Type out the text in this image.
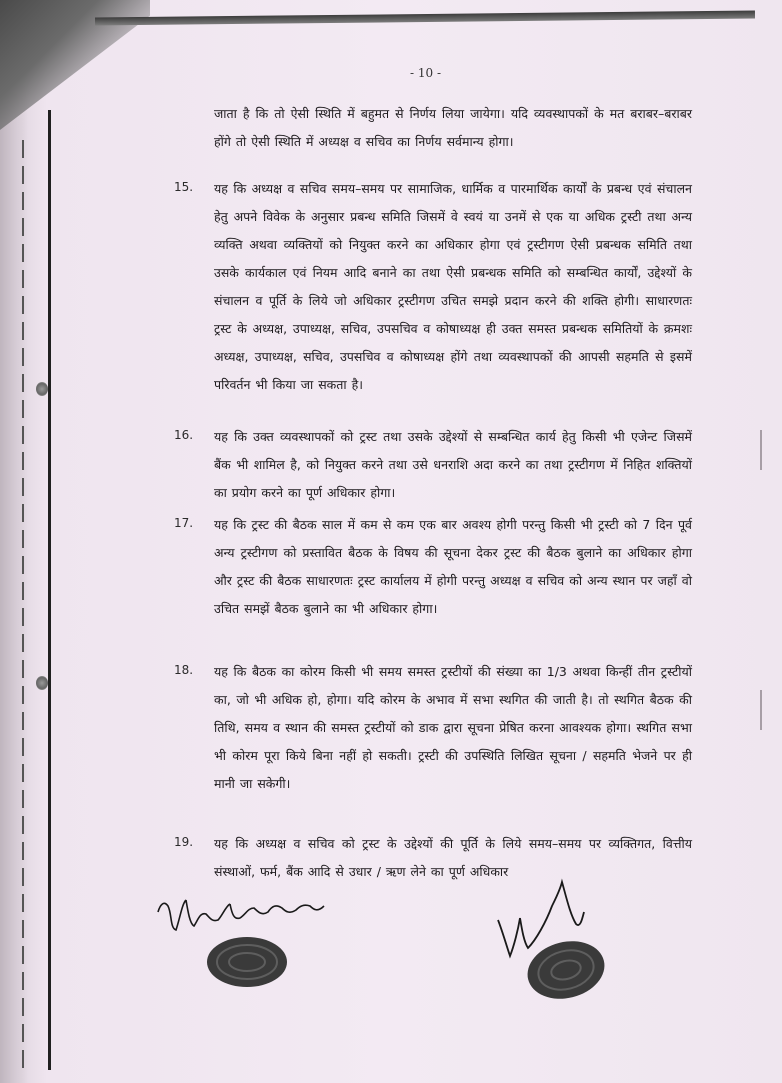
- 10 -
जाता है कि तो ऐसी स्थिति में बहुमत से निर्णय लिया जायेगा। यदि व्यवस्थापकों के मत बराबर–बराबर होंगे तो ऐसी स्थिति में अध्यक्ष व सचिव का निर्णय सर्वमान्य होगा।
15. यह कि अध्यक्ष व सचिव समय–समय पर सामाजिक, धार्मिक व पारमार्थिक कार्यों के प्रबन्ध एवं संचालन हेतु अपने विवेक के अनुसार प्रबन्ध समिति जिसमें वे स्वयं या उनमें से एक या अधिक ट्रस्टी तथा अन्य व्यक्ति अथवा व्यक्तियों को नियुक्त करने का अधिकार होगा एवं ट्रस्टीगण ऐसी प्रबन्धक समिति तथा उसके कार्यकाल एवं नियम आदि बनाने का तथा ऐसी प्रबन्धक समिति को सम्बन्धित कार्यों, उद्देश्यों के संचालन व पूर्ति के लिये जो अधिकार ट्रस्टीगण उचित समझे प्रदान करने की शक्ति होगी। साधारणतः ट्रस्ट के अध्यक्ष, उपाध्यक्ष, सचिव, उपसचिव व कोषाध्यक्ष ही उक्त समस्त प्रबन्धक समितियों के क्रमशः अध्यक्ष, उपाध्यक्ष, सचिव, उपसचिव व कोषाध्यक्ष होंगे तथा व्यवस्थापकों की आपसी सहमति से इसमें परिवर्तन भी किया जा सकता है।
16. यह कि उक्त व्यवस्थापकों को ट्रस्ट तथा उसके उद्देश्यों से सम्बन्धित कार्य हेतु किसी भी एजेन्ट जिसमें बैंक भी शामिल है, को नियुक्त करने तथा उसे धनराशि अदा करने का तथा ट्रस्टीगण में निहित शक्तियों का प्रयोग करने का पूर्ण अधिकार होगा।
17. यह कि ट्रस्ट की बैठक साल में कम से कम एक बार अवश्य होगी परन्तु किसी भी ट्रस्टी को 7 दिन पूर्व अन्य ट्रस्टीगण को प्रस्तावित बैठक के विषय की सूचना देकर ट्रस्ट की बैठक बुलाने का अधिकार होगा और ट्रस्ट की बैठक साधारणतः ट्रस्ट कार्यालय में होगी परन्तु अध्यक्ष व सचिव को अन्य स्थान पर जहाँ वो उचित समझें बैठक बुलाने का भी अधिकार होगा।
18. यह कि बैठक का कोरम किसी भी समय समस्त ट्रस्टीयों की संख्या का 1/3 अथवा किन्हीं तीन ट्रस्टीयों का, जो भी अधिक हो, होगा। यदि कोरम के अभाव में सभा स्थगित की जाती है। तो स्थगित बैठक की तिथि, समय व स्थान की समस्त ट्रस्टीयों को डाक द्वारा सूचना प्रेषित करना आवश्यक होगा। स्थगित सभा भी कोरम पूरा किये बिना नहीं हो सकती। ट्रस्टी की उपस्थिति लिखित सूचना / सहमति भेजने पर ही मानी जा सकेगी।
19. यह कि अध्यक्ष व सचिव को ट्रस्ट के उद्देश्यों की पूर्ति के लिये समय–समय पर व्यक्तिगत, वित्तीय संस्थाओं, फर्म, बैंक आदि से उधार / ऋण लेने का पूर्ण अधिकार
